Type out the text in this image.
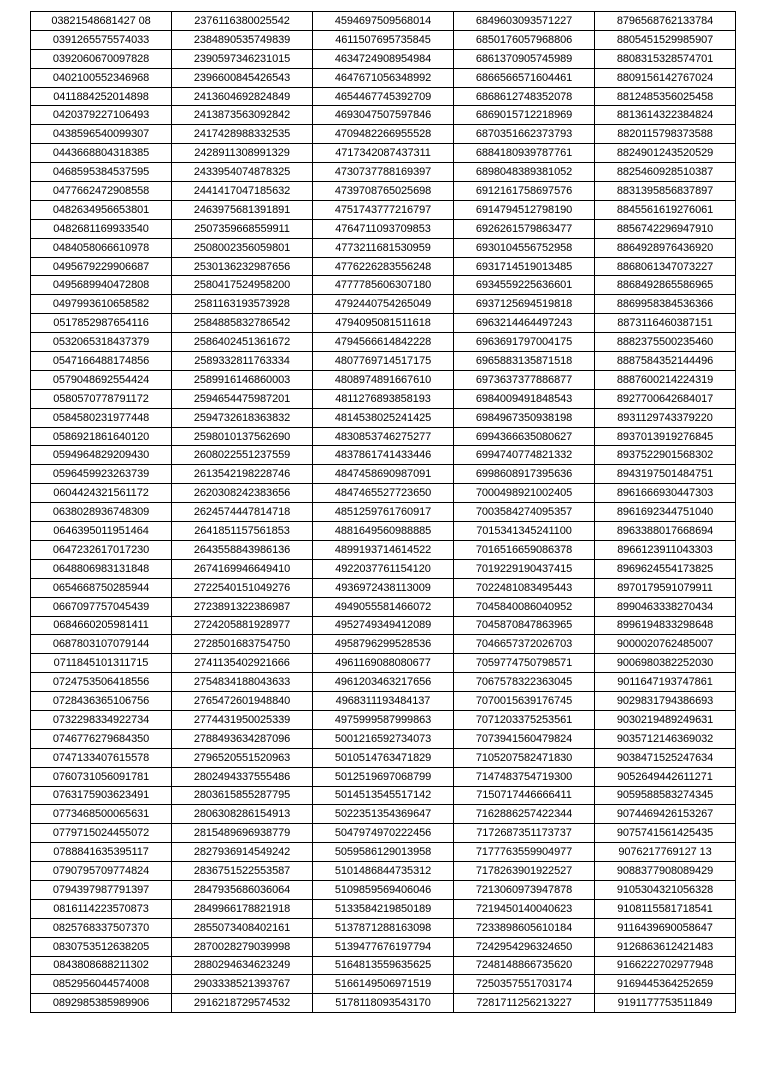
03821548681427 08	2376116380025542	4594697509568014	6849603093571227	8796568762133784
0391265575574033	2384890535749839	4611507695735845	6850176057968806	8805451529985907
0392060670097828	2390597346231015	4634724908954984	6861370905745989	8808315328574701
0402100552346968	2396600845426543	4647671056348992	6866566571604461	8809156142767024
0411884252014898	2413604692824849	4654467745392709	6868612748352078	8812485356025458
0420379227106493	2413873563092842	4693047507597846	6869015712218969	8813614322384824
0438596540099307	2417428988332535	4709482266955528	6870351662373793	8820115798373588
0443668804318385	2428911308991329	4717342087437311	6884180939787761	8824901243520529
0468595384537595	2433954074878325	4730737788169397	6898048389381052	8825460928510387
0477662472908558	2441417047185632	4739708765025698	6912161758697576	8831395856837897
0482634956653801	2463975681391891	4751743777216797	6914794512798190	8845561619276061
0482681169933540	2507359668559911	4764711093709853	6926261579863477	8856742296947910
0484058066610978	2508002356059801	4773211681530959	6930104556752958	8864928976436920
0495679229906687	2530136232987656	4776226283556248	6931714519013485	8868061347073227
0495689940472808	2580417524958200	4777785606307180	6934559225636601	8868492865586965
0497993610658582	2581163193573928	4792440754265049	6937125694519818	8869958384536366
0517852987654116	2584885832786542	4794095081511618	6963214464497243	8873116460387151
0532065318437379	2586402451361672	4794566614842228	6963691797004175	8882375500235460
0547166488174856	2589332811763334	4807769714517175	6965883135871518	8887584352144496
0579048692554424	2589916146860003	4808974891667610	6973637377886877	8887600214224319
0580570778791172	2594654475987201	4811276893858193	6984009491848543	8927700642684017
0584580231977448	2594732618363832	4814538025241425	6984967350938198	8931129743379220
0586921861640120	2598010137562690	4830853746275277	6994366635080627	8937013919276845
0594964829209430	2608022551237559	4837861741433446	6994740774821332	8937522901568302
0596459923263739	2613542198228746	4847458690987091	6998608917395636	8943197501484751
0604424321561172	2620308242383656	4847465527723650	7000498921002405	8961666930447303
0638028936748309	2624574447814718	4851259761760917	7003584274095357	8961692344751040
0646395011951464	2641851157561853	4881649560988885	7015341345241100	8963388017668694
0647232617017230	2643558843986136	4899193714614522	7016516659086378	8966123911043303
0648806983131848	2674169946649410	4922037761154120	7019229190437415	8969624554173825
0654668750285944	2722540151049276	4936972438113009	7022481083495443	8970179591079911
0667097757045439	2723891322386987	4949055581466072	7045840086040952	8990463338270434
0684660205981411	2724205881928977	4952749349412089	7045870847863965	8996194833298648
0687803107079144	2728501683754750	4958796299528536	7046657372026703	9000020762485007
0711845101311715	2741135402921666	4961169088080677	7059774750798571	9006980382252030
0724753506418556	2754834188043633	4961203463217656	7067578322363045	9011647193747861
0728436365106756	2765472601948840	4968311193484137	7070015639176745	9029831794386693
0732298334922734	2774431950025339	4975999587999863	7071203375253561	9030219489249631
0746776279684350	2788493634287096	5001216592734073	7073941560479824	9035712146369032
0747133407615578	2796520551520963	5010514763471829	7105207582471830	9038471525247634
0760731056091781	2802494337555486	5012519697068799	7147483754719300	9052649442611271
0763175903623491	2803615855287795	5014513545517142	7150717446666411	9059588583274345
0773468500065631	2806308286154913	5022351354369647	7162886257422344	9074469426153267
0779715024455072	2815489696938779	5047974970222456	7172687351173737	9075741561425435
0788841635395117	2827936914549242	5059586129013958	7177763559904977	9076217769127 13
0790795709774824	2836751522553587	5101486844735312	7178263901922527	9088377908089429
0794397987791397	2847935686036064	5109859569406046	7213060973947878	9105304321056328
0816114223570873	2849966178821918	5133584219850189	7219450140040623	9108115581718541
0825768337507370	2855073408402161	5137871288163098	7233898605610184	9116439690058647
0830753512638205	2870028279039998	5139477676197794	7242954296324650	9126863612421483
0843808688211302	2880294634623249	5164813559635625	7248148866735620	9166222702977948
0852956044574008	2903338521393767	5166149506971519	7250357551703174	9169445364252659
0892985385989906	2916218729574532	5178118093543170	7281711256213227	9191177753511849
